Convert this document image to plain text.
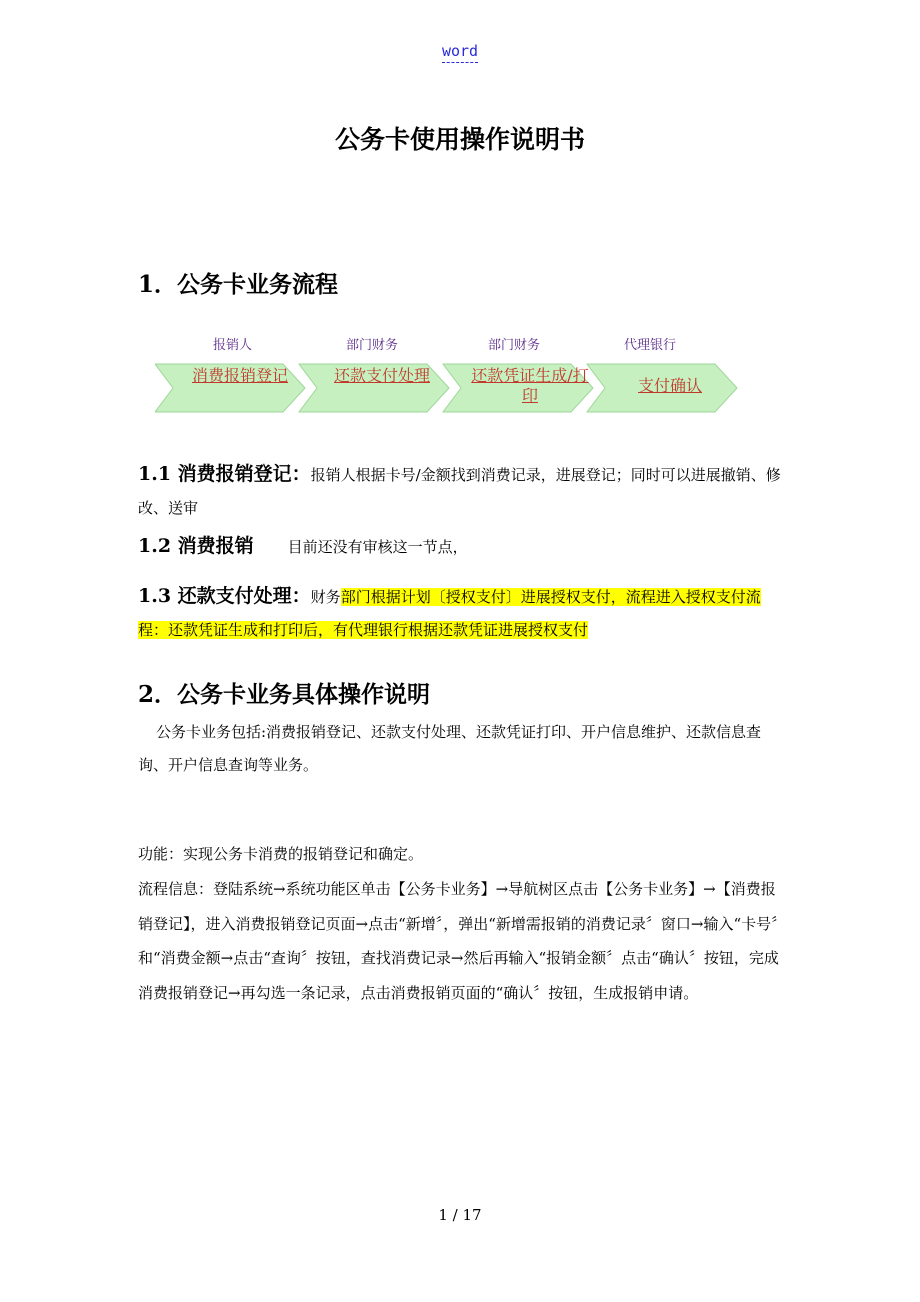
word
公务卡使用操作说明书
1．公务卡业务流程
报销人	部门财务	部门财务	代理银行
消费报销登记	还款支付处理	还款凭证生成/打印
支付确认
1.1 消费报销登记：报销人根据卡号/金额找到消费记录，进展登记；同时可以进展撤销、修改、送审
1.2 消费报销 目前还没有审核这一节点，
1.3 还款支付处理：财务部门根据计划〔授权支付〕进展授权支付，流程进入授权支付流程：还款凭证生成和打印后，有代理银行根据还款凭证进展授权支付
2．公务卡业务具体操作说明
公务卡业务包括:消费报销登记、还款支付处理、还款凭证打印、开户信息维护、还款信息查询、开户信息查询等业务。
功能：实现公务卡消费的报销登记和确定。
流程信息：登陆系统→系统功能区单击【公务卡业务】→导航树区点击【公务卡业务】→【消费报销登记】，进入消费报销登记页面→点击“新增〞，弹出“新增需报销的消费记录〞窗口→输入“卡号〞和“消费金额→点击“查询〞按钮，查找消费记录→然后再输入“报销金额〞点击“确认〞按钮，完成消费报销登记→再勾选一条记录，点击消费报销页面的“确认〞按钮，生成报销申请。
1 / 17
